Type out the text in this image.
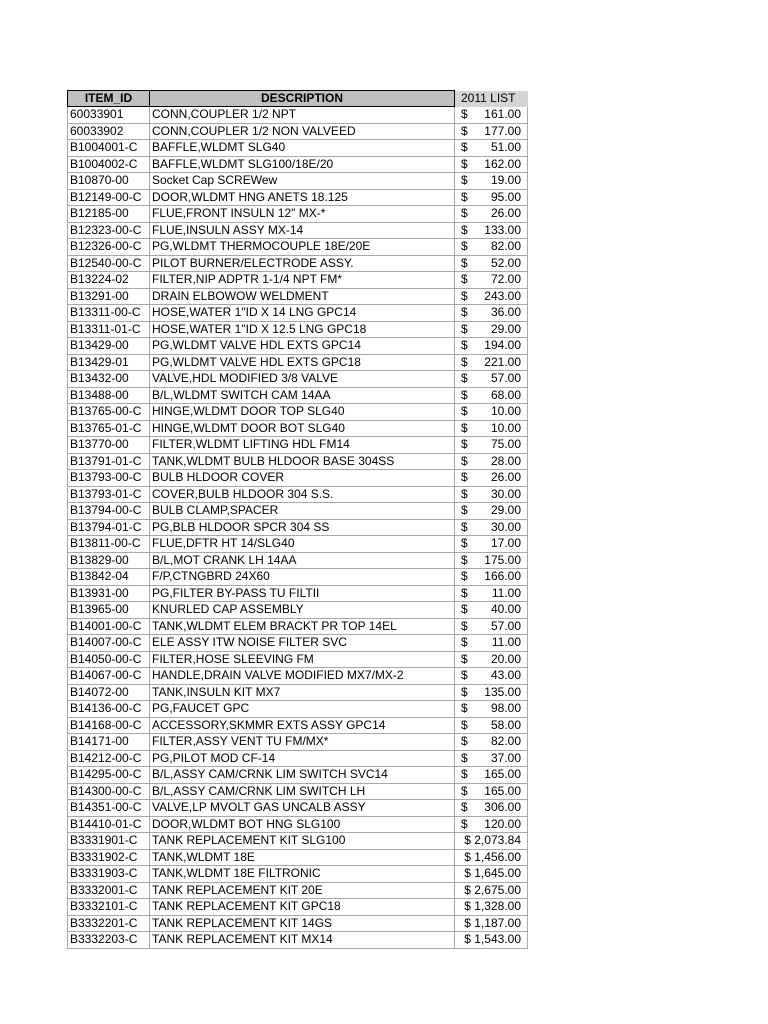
ITEM_ID	DESCRIPTION	2011 LIST
60033901	CONN,COUPLER 1/2 NPT	$ 161.00

60033902	CONN,COUPLER 1/2 NON VALVEED	$ 177.00

B1004001-C	BAFFLE,WLDMT SLG40	$ 51.00

B1004002-C	BAFFLE,WLDMT SLG100/18E/20	$ 162.00

B10870-00	Socket Cap SCREWew	$ 19.00

B12149-00-C	DOOR,WLDMT HNG ANETS 18.125	$ 95.00

B12185-00	FLUE,FRONT INSULN 12" MX-*	$ 26.00

B12323-00-C	FLUE,INSULN ASSY MX-14	$ 133.00

B12326-00-C	PG,WLDMT THERMOCOUPLE 18E/20E	$ 82.00

B12540-00-C	PILOT BURNER/ELECTRODE ASSY.	$ 52.00

B13224-02	FILTER,NIP ADPTR 1-1/4 NPT FM*	$ 72.00

B13291-00	DRAIN ELBOWOW WELDMENT	$ 243.00

B13311-00-C	HOSE,WATER 1"ID X 14 LNG GPC14	$ 36.00

B13311-01-C	HOSE,WATER 1"ID X 12.5 LNG GPC18	$ 29.00

B13429-00	PG,WLDMT VALVE HDL EXTS GPC14	$ 194.00

B13429-01	PG,WLDMT VALVE HDL EXTS GPC18	$ 221.00

B13432-00	VALVE,HDL MODIFIED 3/8 VALVE	$ 57.00

B13488-00	B/L,WLDMT SWITCH CAM 14AA	$ 68.00

B13765-00-C	HINGE,WLDMT DOOR TOP SLG40	$ 10.00

B13765-01-C	HINGE,WLDMT DOOR BOT SLG40	$ 10.00

B13770-00	FILTER,WLDMT LIFTING HDL FM14	$ 75.00

B13791-01-C	TANK,WLDMT BULB HLDOOR BASE 304SS	$ 28.00

B13793-00-C	BULB HLDOOR COVER	$ 26.00

B13793-01-C	COVER,BULB HLDOOR 304 S.S.	$ 30.00

B13794-00-C	BULB CLAMP,SPACER	$ 29.00

B13794-01-C	PG,BLB HLDOOR SPCR 304 SS	$ 30.00

B13811-00-C	FLUE,DFTR HT 14/SLG40	$ 17.00

B13829-00	B/L,MOT CRANK LH 14AA	$ 175.00

B13842-04	F/P,CTNGBRD 24X60	$ 166.00

B13931-00	PG,FILTER BY-PASS TU FILTII	$ 11.00

B13965-00	KNURLED CAP ASSEMBLY	$ 40.00

B14001-00-C	TANK,WLDMT ELEM BRACKT PR TOP 14EL	$ 57.00

B14007-00-C	ELE ASSY ITW NOISE FILTER SVC	$ 11.00

B14050-00-C	FILTER,HOSE SLEEVING FM	$ 20.00

B14067-00-C	HANDLE,DRAIN VALVE MODIFIED MX7/MX-2	$ 43.00

B14072-00	TANK,INSULN KIT MX7	$ 135.00

B14136-00-C	PG,FAUCET GPC	$ 98.00

B14168-00-C	ACCESSORY,SKMMR EXTS ASSY GPC14	$ 58.00

B14171-00	FILTER,ASSY VENT TU FM/MX*	$ 82.00

B14212-00-C	PG,PILOT MOD CF-14	$ 37.00

B14295-00-C	B/L,ASSY CAM/CRNK LIM SWITCH SVC14	$ 165.00

B14300-00-C	B/L,ASSY CAM/CRNK LIM SWITCH LH	$ 165.00

B14351-00-C	VALVE,LP MVOLT GAS UNCALB ASSY	$ 306.00

B14410-01-C	DOOR,WLDMT BOT HNG SLG100	$ 120.00

B3331901-C	TANK REPLACEMENT KIT SLG100	$ 2,073.84

B3331902-C	TANK,WLDMT 18E	$ 1,456.00

B3331903-C	TANK,WLDMT 18E FILTRONIC	$ 1,645.00

B3332001-C	TANK REPLACEMENT KIT 20E	$ 2,675.00

B3332101-C	TANK REPLACEMENT KIT GPC18	$ 1,328.00

B3332201-C	TANK REPLACEMENT KIT 14GS	$ 1,187.00

B3332203-C	TANK REPLACEMENT KIT MX14	$ 1,543.00
